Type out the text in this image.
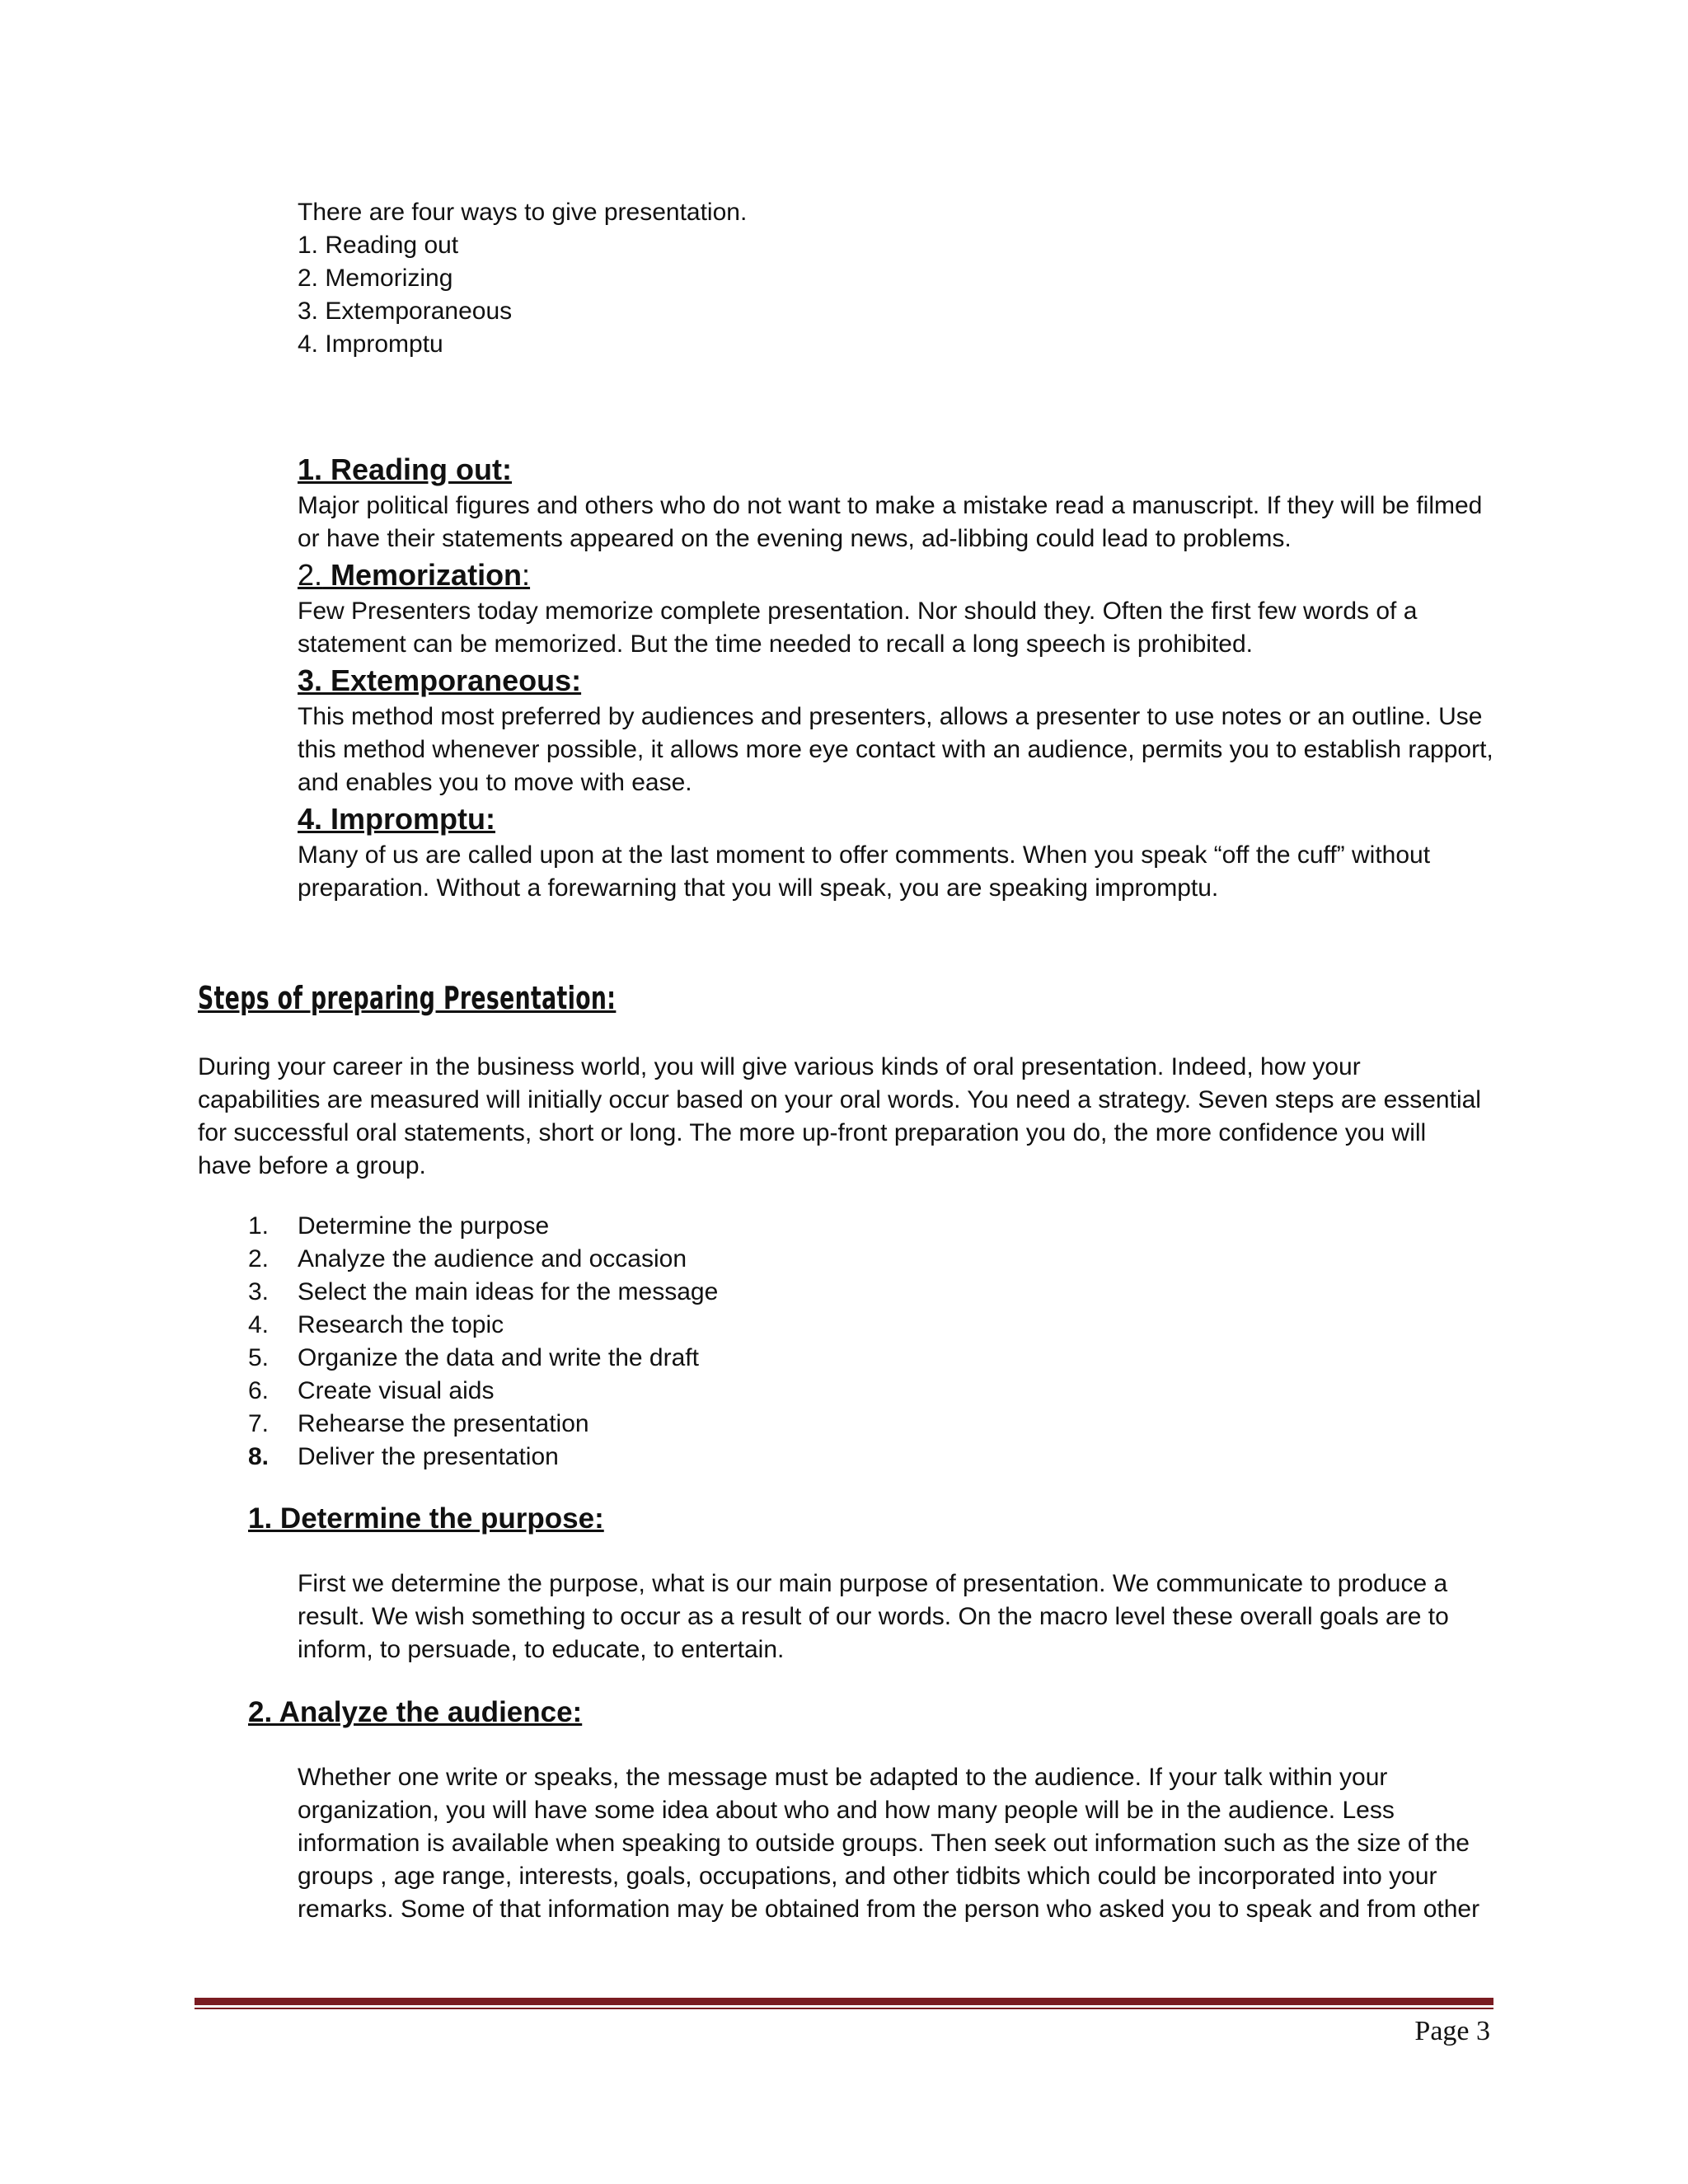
There are four ways to give presentation.

1. Reading out

2. Memorizing

3. Extemporaneous

4. Impromptu

1. Reading out:

Major political figures and others who do not want to make a mistake read a manuscript. If they will be filmed or have their statements appeared on the evening news, ad-libbing could lead to problems.

2. Memorization:

Few Presenters today memorize complete presentation. Nor should they. Often the first few words of a statement can be memorized. But the time needed to recall a long speech is prohibited.

3. Extemporaneous:

This method most preferred by audiences and presenters, allows a presenter to use notes or an outline. Use this method whenever possible, it allows more eye contact with an audience, permits you to establish rapport, and enables you to move with ease.

4. Impromptu:

Many of us are called upon at the last moment to offer comments. When you speak “off the cuff” without preparation. Without a forewarning that you will speak, you are speaking impromptu.

Steps of preparing Presentation:

During your career in the business world, you will give various kinds of oral presentation. Indeed, how your capabilities are measured will initially occur based on your oral words. You need a strategy. Seven steps are essential for successful oral statements, short or long. The more up-front preparation you do, the more confidence you will have before a group.

1. Determine the purpose
2. Analyze the audience and occasion
3. Select the main ideas for the message
4. Research the topic
5. Organize the data and write the draft
6. Create visual aids
7. Rehearse the presentation
8. Deliver the presentation

1. Determine the purpose:

First we determine the purpose, what is our main purpose of presentation. We communicate to produce a result. We wish something to occur as a result of our words. On the macro level these overall goals are to inform, to persuade, to educate, to entertain.

2. Analyze the audience:

Whether one write or speaks, the message must be adapted to the audience. If your talk within your organization, you will have some idea about who and how many people will be in the audience. Less information is available when speaking to outside groups. Then seek out information such as the size of the groups , age range, interests, goals, occupations, and other tidbits which could be incorporated into your remarks. Some of that information may be obtained from the person who asked you to speak and from other

Page 3
